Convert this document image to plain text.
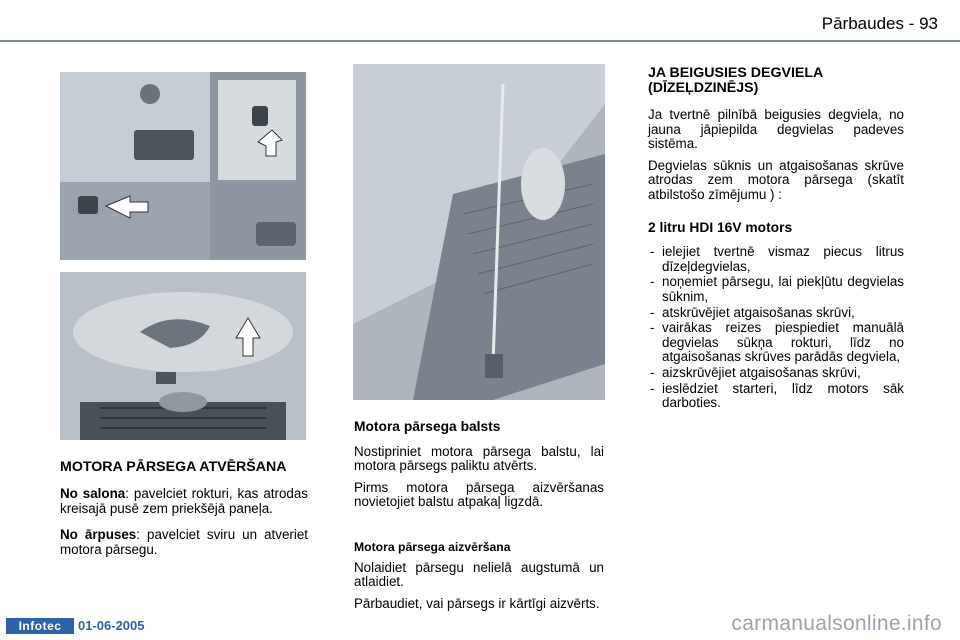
Pārbaudes - 93
MOTORA PĀRSEGA ATVĒRŠANA

No salona: pavelciet rokturi, kas atrodas kreisajā pusē zem priekšējā paneļa.

No ārpuses: pavelciet sviru un atveriet motora pārsegu.

Motora pārsega balsts

Nostipriniet motora pārsega balstu, lai motora pārsegs paliktu atvērts.

Pirms motora pārsega aizvēršanas novietojiet balstu atpakaļ ligzdā.

Motora pārsega aizvēršana

Nolaidiet pārsegu nelielā augstumā un atlaidiet.

Pārbaudiet, vai pārsegs ir kārtīgi aizvērts.

JA BEIGUSIES DEGVIELA (DĪZEĻDZINĒJS)

Ja tvertnē pilnībā beigusies degviela, no jauna jāpiepilda degvielas padeves sistēma.

Degvielas sūknis un atgaisošanas skrūve atrodas zem motora pārsega (skatīt atbilstošo zīmējumu ) :

2 litru HDI 16V motors
- ielejiet tvertnē vismaz piecus litrus dīzeļdegvielas,
- noņemiet pārsegu, lai piekļūtu degvielas sūknim,
- atskrūvējiet atgaisošanas skrūvi,
- vairākas reizes piespiediet manuālā degvielas sūkņa rokturi, līdz no atgaisošanas skrūves parādās degviela,
- aizskrūvējiet atgaisošanas skrūvi,
- ieslēdziet starteri, līdz motors sāk darboties.
Infotec	01-06-2005	carmanualsonline.info
